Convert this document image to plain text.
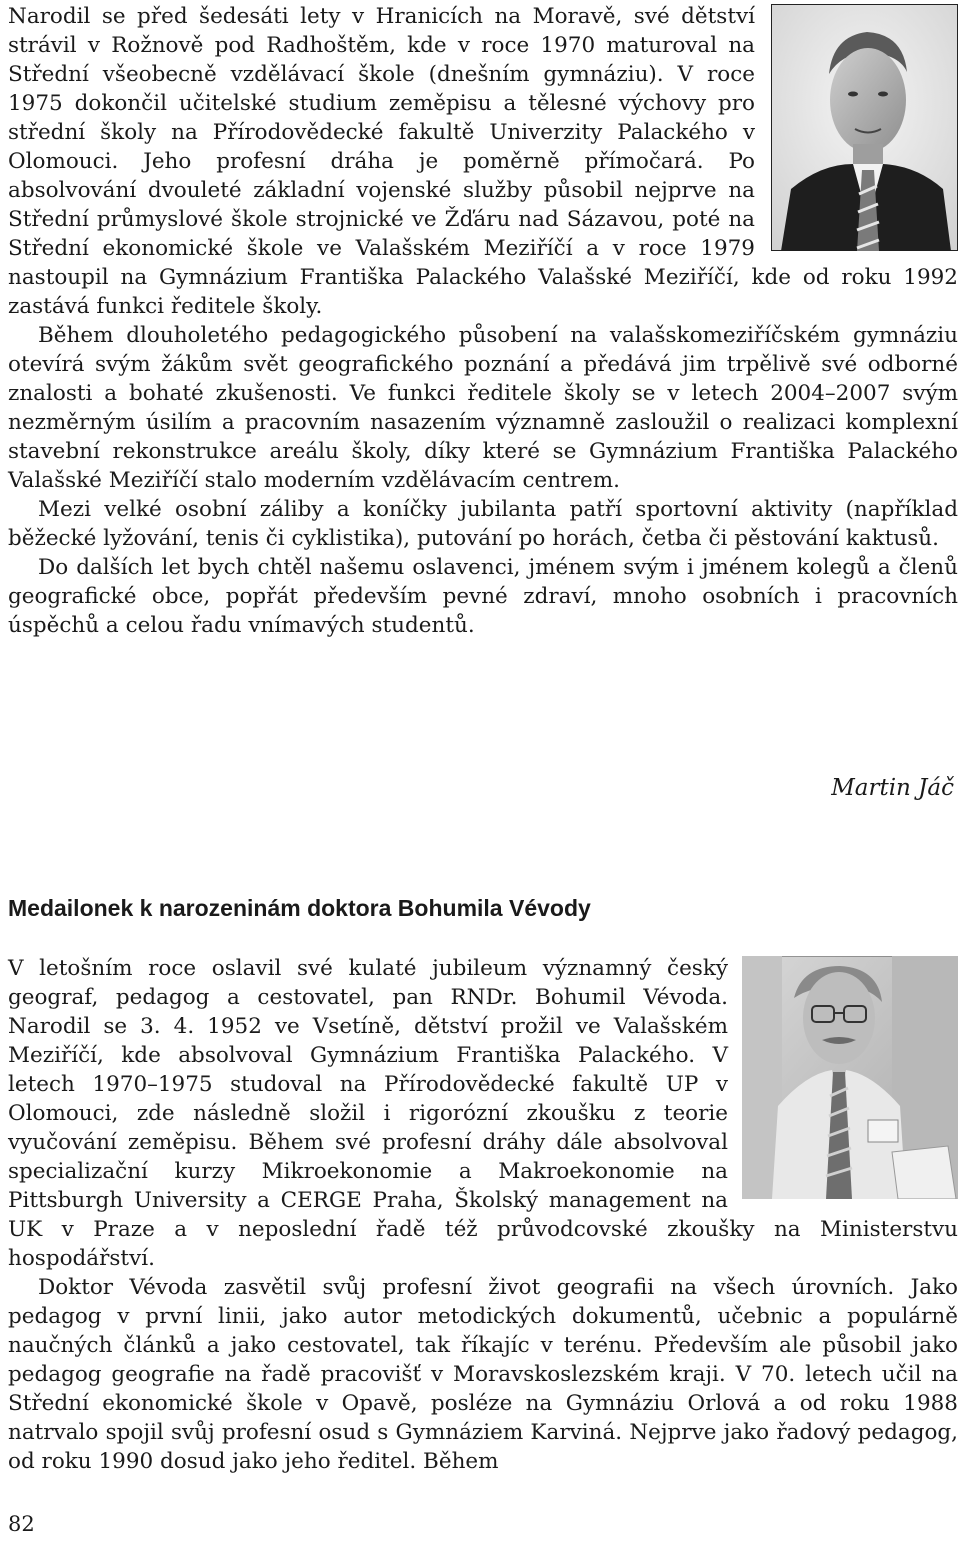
Narodil se před šedesáti lety v Hranicích na Moravě, své dětství strávil v Rožnově pod Radhoštěm, kde v roce 1970 maturoval na Střední všeobecně vzdělávací škole (dnešním gymnáziu). V roce 1975 dokončil učitelské studium zeměpisu a tělesné výchovy pro střední školy na Přírodovědecké fakultě Univerzity Palackého v Olomouci. Jeho profesní dráha je poměrně přímočará. Po absolvování dvouleté základní vojenské služby působil nejprve na Střední průmyslové škole strojnické ve Žďáru nad Sázavou, poté na Střední ekonomické škole ve Valašském Meziříčí a v roce 1979 nastoupil na Gymnázium Františka Palackého Valašské Meziříčí, kde od roku 1992 zastává funkci ředitele školy.

Během dlouholetého pedagogického působení na valašskomeziříčském gymnáziu otevírá svým žákům svět geografického poznání a předává jim trpělivě své odborné znalosti a bohaté zkušenosti. Ve funkci ředitele školy se v letech 2004–2007 svým nezměrným úsilím a pracovním nasazením významně zasloužil o realizaci komplexní stavební rekonstrukce areálu školy, díky které se Gymnázium Františka Palackého Valašské Meziříčí stalo moderním vzdělávacím centrem.

Mezi velké osobní záliby a koníčky jubilanta patří sportovní aktivity (například běžecké lyžování, tenis či cyklistika), putování po horách, četba či pěstování kaktusů.

Do dalších let bych chtěl našemu oslavenci, jménem svým i jménem kolegů a členů geografické obce, popřát především pevné zdraví, mnoho osobních i pracovních úspěchů a celou řadu vnímavých studentů.

Martin Jáč
Medailonek k narozeninám doktora Bohumila Vévody

V letošním roce oslavil své kulaté jubileum významný český geograf, pedagog a cestovatel, pan RNDr. Bohumil Vévoda. Narodil se 3. 4. 1952 ve Vsetíně, dětství prožil ve Valašském Meziříčí, kde absolvoval Gymnázium Františka Palackého. V letech 1970–1975 studoval na Přírodovědecké fakultě UP v Olomouci, zde následně složil i rigorózní zkoušku z teorie vyučování zeměpisu. Během své profesní dráhy dále absolvoval specializační kurzy Mikroekonomie a Makroekonomie na Pittsburgh University a CERGE Praha, Školský management na UK v Praze a v neposlední řadě též průvodcovské zkoušky na Ministerstvu hospodářství.

Doktor Vévoda zasvětil svůj profesní život geografii na všech úrovních. Jako pedagog v první linii, jako autor metodických dokumentů, učebnic a populárně naučných článků a jako cestovatel, tak říkajíc v terénu. Především ale působil jako pedagog geografie na řadě pracovišť v Moravskoslezském kraji. V 70. letech učil na Střední ekonomické škole v Opavě, posléze na Gymnáziu Orlová a od roku 1988 natrvalo spojil svůj profesní osud s Gymnáziem Karviná. Nejprve jako řadový pedagog, od roku 1990 dosud jako jeho ředitel. Během

82
